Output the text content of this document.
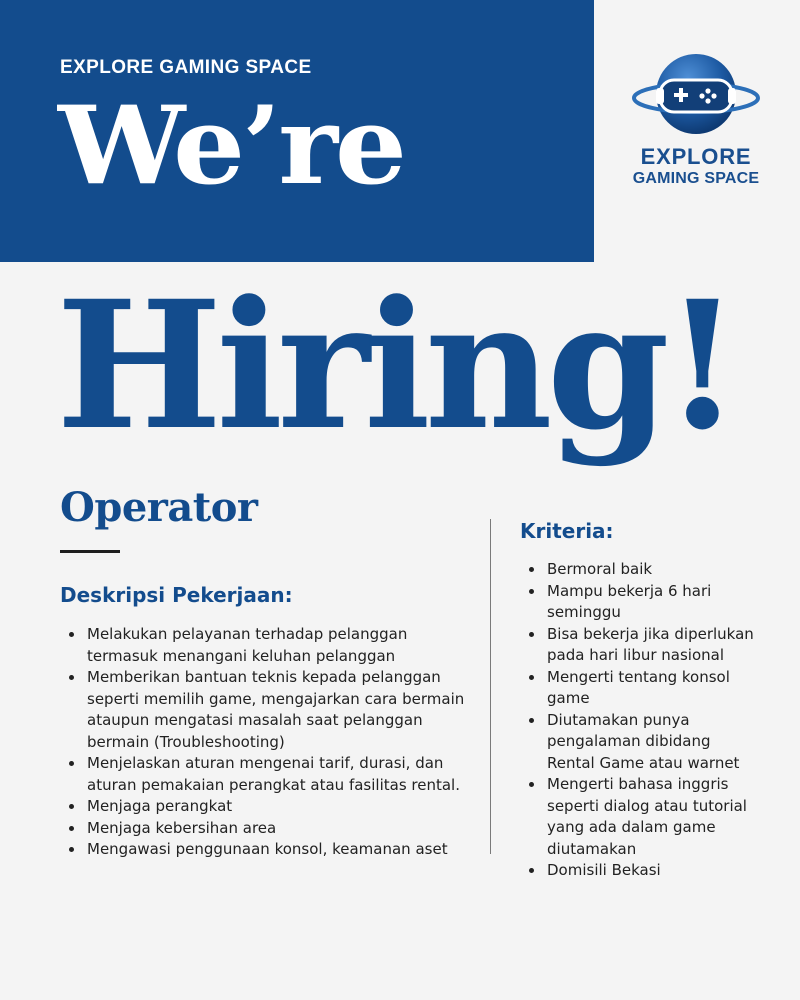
EXPLORE GAMING SPACE
We’re	EXPLORE
GAMING SPACE
Hiring!
Operator
Deskripsi Pekerjaan:
Melakukan pelayanan terhadap pelanggan termasuk menangani keluhan pelanggan
Memberikan bantuan teknis kepada pelanggan seperti memilih game, mengajarkan cara bermain ataupun mengatasi masalah saat pelanggan bermain (Troubleshooting)
Menjelaskan aturan mengenai tarif, durasi, dan aturan pemakaian perangkat atau fasilitas rental.
Menjaga perangkat
Menjaga kebersihan area
Mengawasi penggunaan konsol, keamanan aset
Kriteria:
Bermoral baik
Mampu bekerja 6 hari seminggu
Bisa bekerja jika diperlukan pada hari libur nasional
Mengerti tentang konsol game
Diutamakan punya pengalaman dibidang Rental Game atau warnet
Mengerti bahasa inggris seperti dialog atau tutorial yang ada dalam game diutamakan
Domisili Bekasi
